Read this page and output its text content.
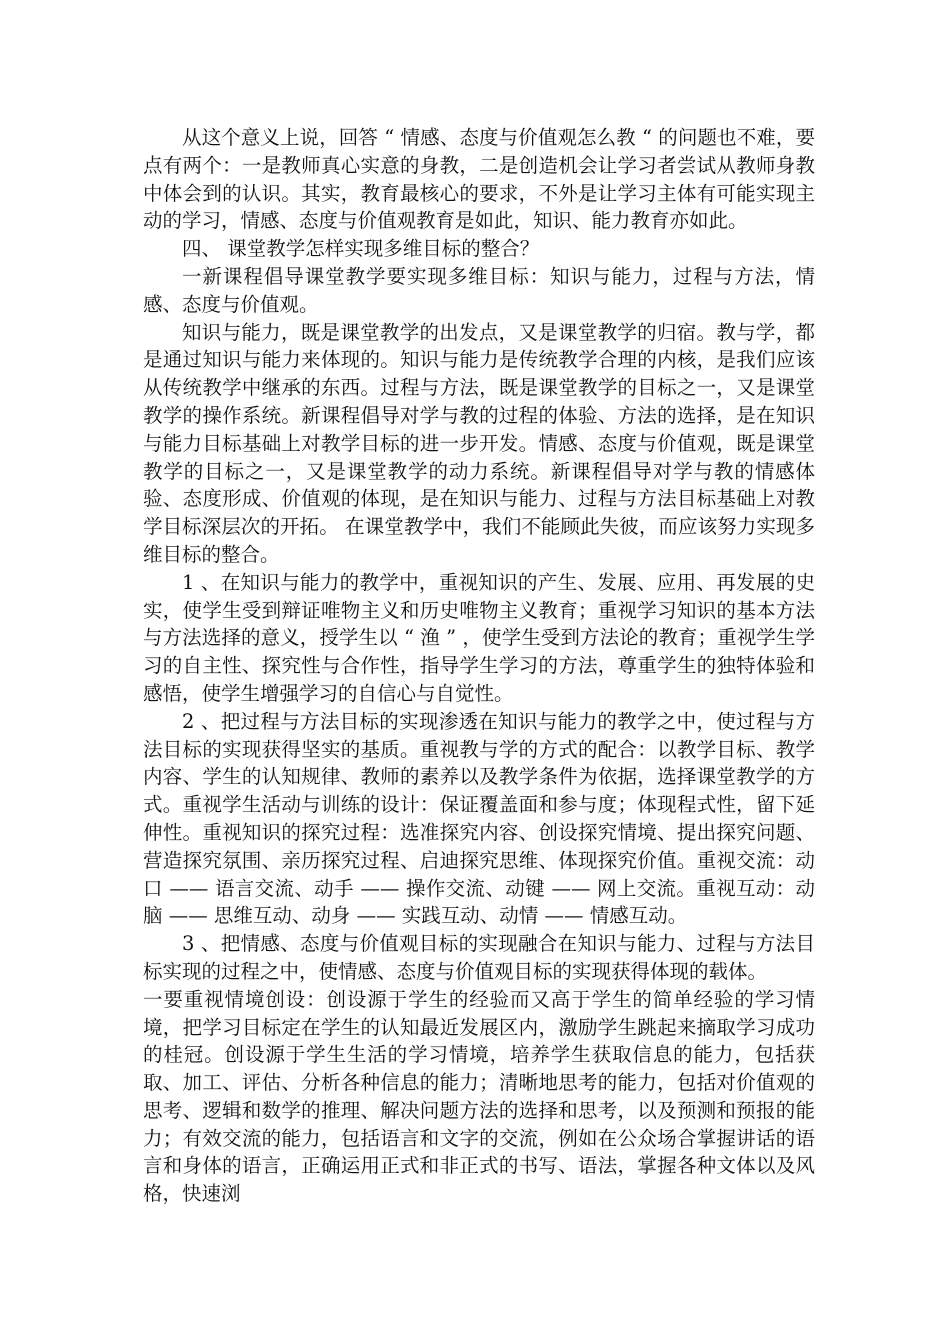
从这个意义上说，回答 “ 情感、态度与价值观怎么教 “ 的问题也不难，要点有两个：一是教师真心实意的身教，二是创造机会让学习者尝试从教师身教中体会到的认识。其实，教育最核心的要求，不外是让学习主体有可能实现主动的学习，情感、态度与价值观教育是如此，知识、能力教育亦如此。

四、 课堂教学怎样实现多维目标的整合？

一新课程倡导课堂教学要实现多维目标：知识与能力，过程与方法，情感、态度与价值观。

知识与能力，既是课堂教学的出发点，又是课堂教学的归宿。教与学，都是通过知识与能力来体现的。知识与能力是传统教学合理的内核，是我们应该从传统教学中继承的东西。过程与方法，既是课堂教学的目标之一，又是课堂教学的操作系统。新课程倡导对学与教的过程的体验、方法的选择，是在知识与能力目标基础上对教学目标的进一步开发。情感、态度与价值观，既是课堂教学的目标之一，又是课堂教学的动力系统。新课程倡导对学与教的情感体验、态度形成、价值观的体现，是在知识与能力、过程与方法目标基础上对教学目标深层次的开拓。 在课堂教学中，我们不能顾此失彼，而应该努力实现多维目标的整合。

1 、在知识与能力的教学中，重视知识的产生、发展、应用、再发展的史实，使学生受到辩证唯物主义和历史唯物主义教育；重视学习知识的基本方法与方法选择的意义，授学生以 “ 渔 ” ，使学生受到方法论的教育；重视学生学习的自主性、探究性与合作性，指导学生学习的方法，尊重学生的独特体验和感悟，使学生增强学习的自信心与自觉性。

2 、把过程与方法目标的实现渗透在知识与能力的教学之中，使过程与方法目标的实现获得坚实的基质。重视教与学的方式的配合：以教学目标、教学内容、学生的认知规律、教师的素养以及教学条件为依据，选择课堂教学的方式。重视学生活动与训练的设计：保证覆盖面和参与度；体现程式性，留下延伸性。重视知识的探究过程：选准探究内容、创设探究情境、提出探究问题、营造探究氛围、亲历探究过程、启迪探究思维、体现探究价值。重视交流：动口 —— 语言交流、动手 —— 操作交流、动键 —— 网上交流。重视互动：动脑 —— 思维互动、动身 —— 实践互动、动情 —— 情感互动。

3 、把情感、态度与价值观目标的实现融合在知识与能力、过程与方法目标实现的过程之中，使情感、态度与价值观目标的实现获得体现的载体。

一要重视情境创设：创设源于学生的经验而又高于学生的简单经验的学习情境，把学习目标定在学生的认知最近发展区内，激励学生跳起来摘取学习成功的桂冠。创设源于学生生活的学习情境，培养学生获取信息的能力，包括获取、加工、评估、分析各种信息的能力；清晰地思考的能力，包括对价值观的思考、逻辑和数学的推理、解决问题方法的选择和思考，以及预测和预报的能力；有效交流的能力，包括语言和文字的交流，例如在公众场合掌握讲话的语言和身体的语言，正确运用正式和非正式的书写、语法，掌握各种文体以及风格，快速浏
